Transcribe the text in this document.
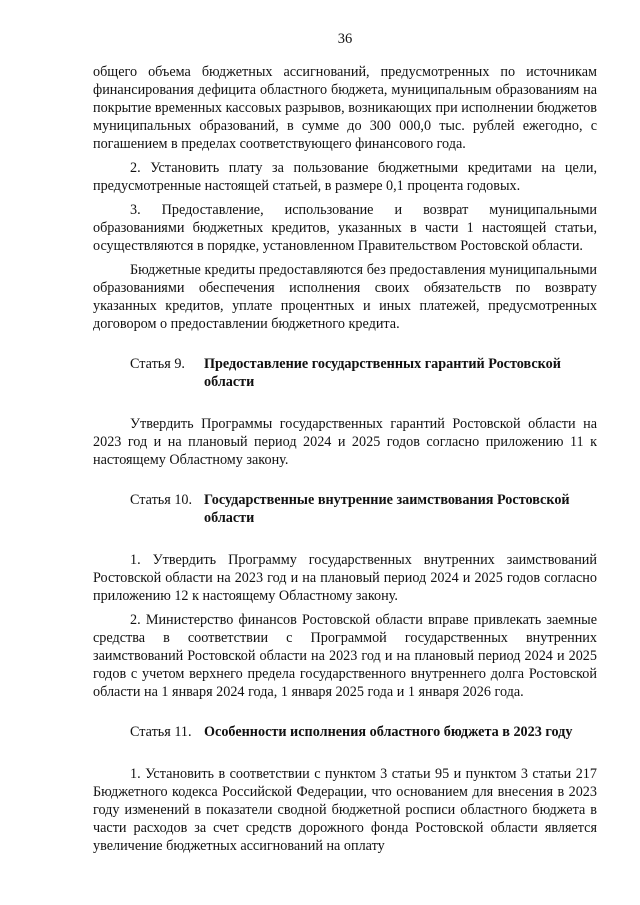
36

общего объема бюджетных ассигнований, предусмотренных по источникам финансирования дефицита областного бюджета, муниципальным образованиям на покрытие временных кассовых разрывов, возникающих при исполнении бюджетов муниципальных образований, в сумме до 300 000,0 тыс. рублей ежегодно, с погашением в пределах соответствующего финансового года.

2. Установить плату за пользование бюджетными кредитами на цели, предусмотренные настоящей статьей, в размере 0,1 процента годовых.

3. Предоставление, использование и возврат муниципальными образованиями бюджетных кредитов, указанных в части 1 настоящей статьи, осуществляются в порядке, установленном Правительством Ростовской области.

Бюджетные кредиты предоставляются без предоставления муниципальными образованиями обеспечения исполнения своих обязательств по возврату указанных кредитов, уплате процентных и иных платежей, предусмотренных договором о предоставлении бюджетного кредита.

Статья 9.	Предоставление государственных гарантий Ростовской области

Утвердить Программы государственных гарантий Ростовской области на 2023 год и на плановый период 2024 и 2025 годов согласно приложению 11 к настоящему Областному закону.

Статья 10. Государственные внутренние заимствования Ростовской области

1. Утвердить Программу государственных внутренних заимствований Ростовской области на 2023 год и на плановый период 2024 и 2025 годов согласно приложению 12 к настоящему Областному закону.

2. Министерство финансов Ростовской области вправе привлекать заемные средства в соответствии с Программой государственных внутренних заимствований Ростовской области на 2023 год и на плановый период 2024 и 2025 годов с учетом верхнего предела государственного внутреннего долга Ростовской области на 1 января 2024 года, 1 января 2025 года и 1 января 2026 года.

Статья 11. Особенности исполнения областного бюджета в 2023 году

1. Установить в соответствии с пунктом 3 статьи 95 и пунктом 3 статьи 217 Бюджетного кодекса Российской Федерации, что основанием для внесения в 2023 году изменений в показатели сводной бюджетной росписи областного бюджета в части расходов за счет средств дорожного фонда Ростовской области является увеличение бюджетных ассигнований на оплату
